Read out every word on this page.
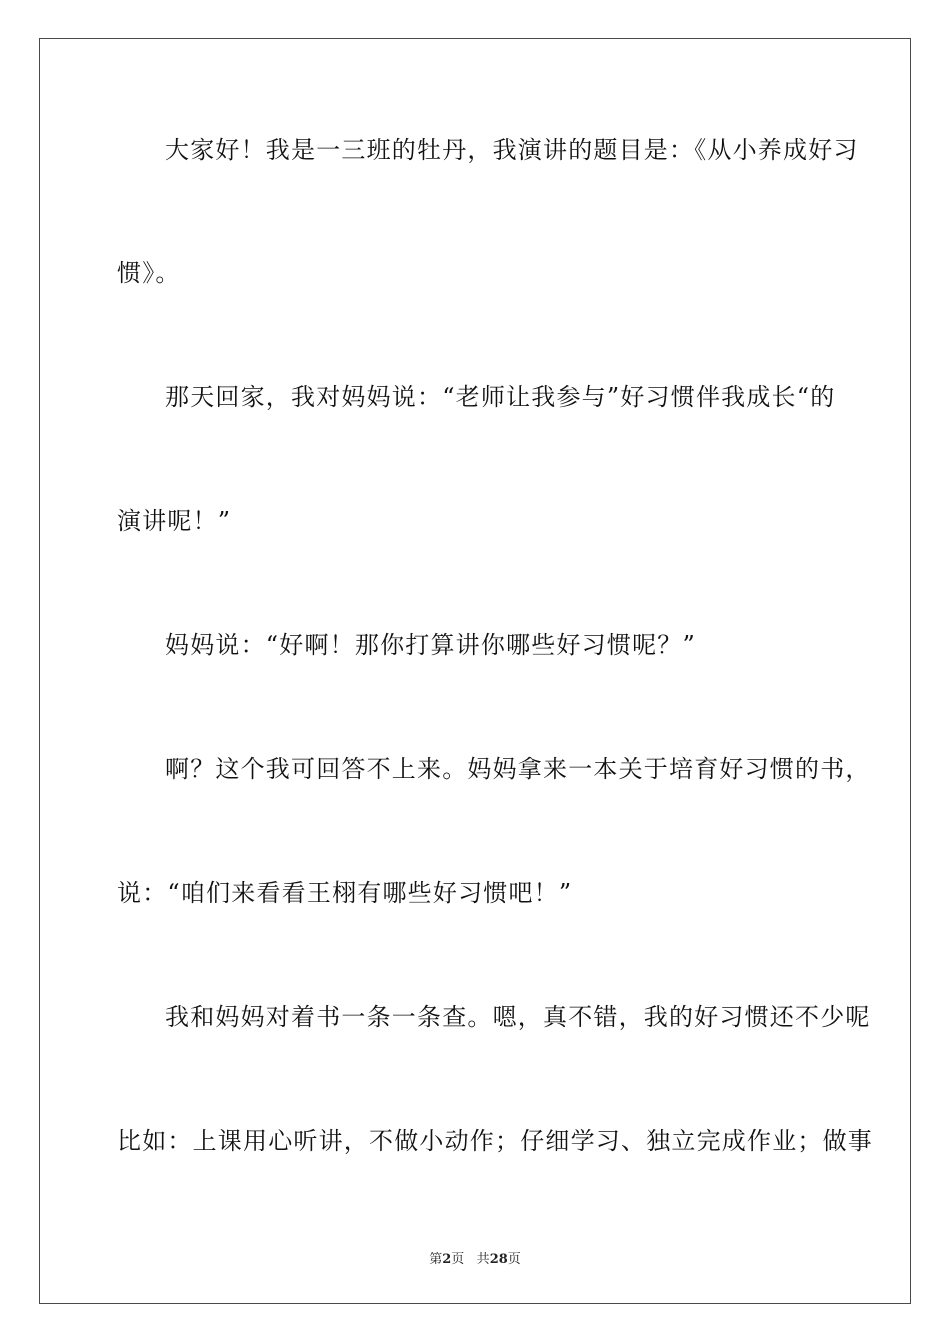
大家好！我是一三班的牡丹，我演讲的题目是：《从小养成好习
惯》。
那天回家，我对妈妈说：“老师让我参与”好习惯伴我成长“的
演讲呢！”
妈妈说：“好啊！那你打算讲你哪些好习惯呢？”
啊？这个我可回答不上来。妈妈拿来一本关于培育好习惯的书，
说：“咱们来看看王栩有哪些好习惯吧！”
我和妈妈对着书一条一条查。嗯，真不错，我的好习惯还不少呢
比如：上课用心听讲，不做小动作；仔细学习、独立完成作业；做事
第2页 共28页
